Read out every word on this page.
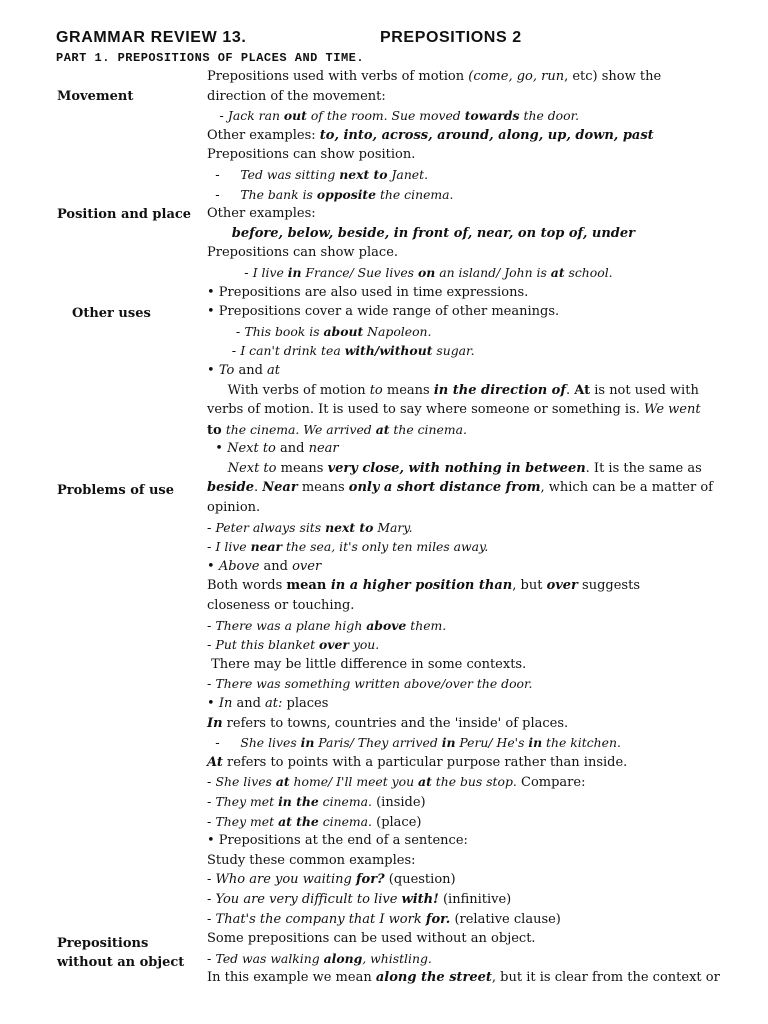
GRAMMAR REVIEW 13.	PREPOSITIONS 2
PART 1. PREPOSITIONS OF PLACES AND TIME.
Movement
Position and place
Other uses
Problems of use
Prepositions
without an object
Prepositions used with verbs of motion (come, go, run, etc) show the
direction of the movement:
- Jack ran out of the room. Sue moved towards the door.
Other examples: to, into, across, around, along, up, down, past
Prepositions can show position.
-     Ted was sitting next to Janet.
-     The bank is opposite the cinema.
Other examples:
before, below, beside, in front of, near, on top of, under
Prepositions can show place.
- I live in France/ Sue lives on an island/ John is at school.
• Prepositions are also used in time expressions.
• Prepositions cover a wide range of other meanings.
- This book is about Napoleon.
- I can't drink tea with/without sugar.
• To and at
With verbs of motion to means in the direction of. At is not used with
verbs of motion. It is used to say where someone or something is. We went
to the cinema. We arrived at the cinema.
• Next to and near
Next to means very close, with nothing in between. It is the same as
beside. Near means only a short distance from, which can be a matter of
opinion.
- Peter always sits next to Mary.
- I live near the sea, it's only ten miles away.
• Above and over
Both words mean in a higher position than, but over suggests
closeness or touching.
- There was a plane high above them.
- Put this blanket over you.
There may be little difference in some contexts.
- There was something written above/over the door.
• In and at: places
In refers to towns, countries and the 'inside' of places.
-     She lives in Paris/ They arrived in Peru/ He's in the kitchen.
At refers to points with a particular purpose rather than inside.
- She lives at home/ I'll meet you at the bus stop. Compare:
- They met in the cinema. (inside)
- They met at the cinema. (place)
• Prepositions at the end of a sentence:
Study these common examples:
- Who are you waiting for? (question)
- You are very difficult to live with! (infinitive)
- That's the company that I work for. (relative clause)
Some prepositions can be used without an object.
- Ted was walking along, whistling.
In this example we mean along the street, but it is clear from the context or
